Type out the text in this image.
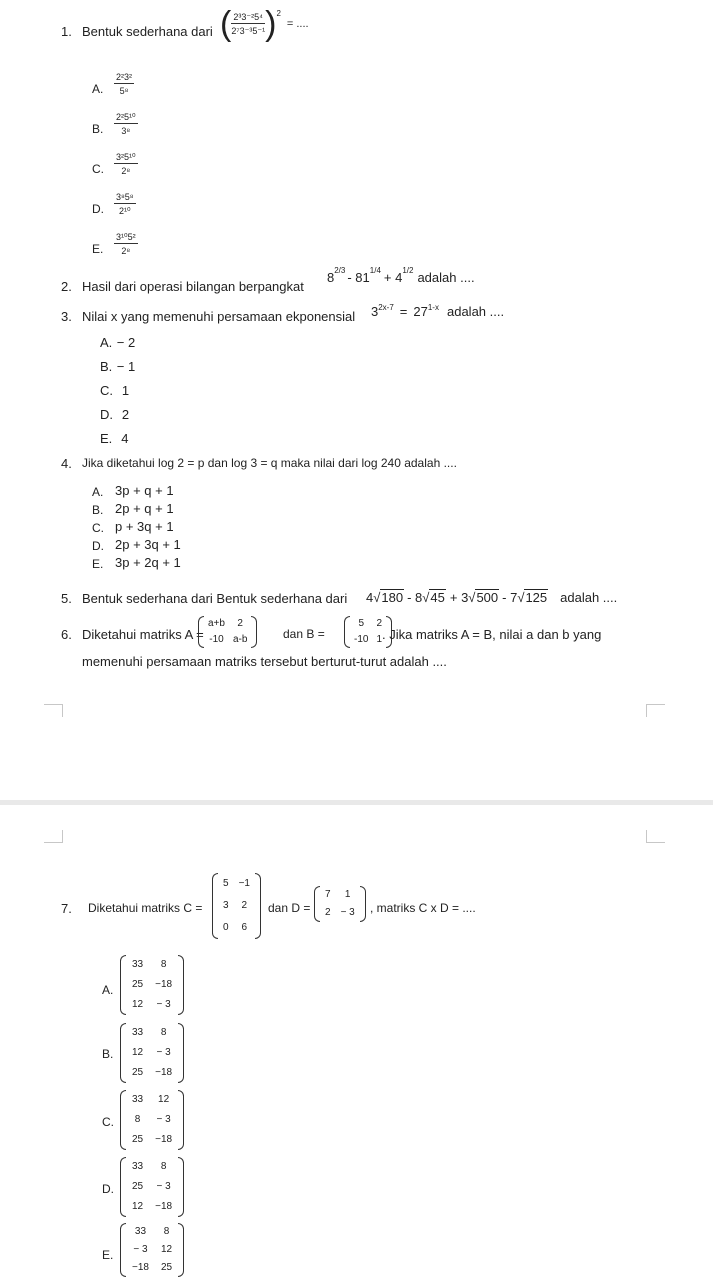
1. Bentuk sederhana dari ( $\frac{\text{2³3⁻²5⁴}}{\text{2⁷3⁻³5⁻¹}}$ ) 2
= ....
A. $\frac{\text{2²3²}}{\text{5⁸}}$
B. $\frac{\text{2²5¹⁰}}{\text{3⁸}}$
C. $\frac{\text{3²5¹⁰}}{\text{2⁸}}$
D. $\frac{\text{3⁸5⁸}}{\text{2¹⁰}}$
E. $\frac{\text{3¹⁰5²}}{\text{2⁸}}$
2. Hasil dari operasi bilangan berpangkat
8 2/3 - 81 1/4 + 4 1/2 adalah ....
3. Nilai x yang memenuhi persamaan ekponensial 3 2x-7 = 27 1-x adalah ....
A. − 2
B. − 1
C. 1
D. 2
E. 4
4. Jika diketahui log 2 = p dan log 3 = q maka nilai dari log 240 adalah ....
A. 3p + q + 1
B. 2p + q + 1
C. p + 3q + 1
D. 2p + 3q + 1
E. 3p + 2q + 1
5. Bentuk sederhana dari Bentuk sederhana dari 4 √ 180 - 8 √ 45 + 3 √ 500 - 7 √ 125 adalah ....
6. Diketahui matriks A =
a+b	2
-10	a-b	dan B =
5	2
-10	1 . Jika matriks A = B, nilai a dan b yang
memenuhi persamaan matriks tersebut berturut-turut adalah ....
7. Diketahui matriks C =
5	−1
3	2
0	6
dan D =
7	1
2	− 3 , matriks C x D = ....
A.
33	8
25	−18
12	− 3
B.
33	8
12	− 3
25	−18
C.
33	12
8	− 3
25	−18
D.
33	8
25	− 3
12	−18
E.
33	8
− 3	12
−18	25
